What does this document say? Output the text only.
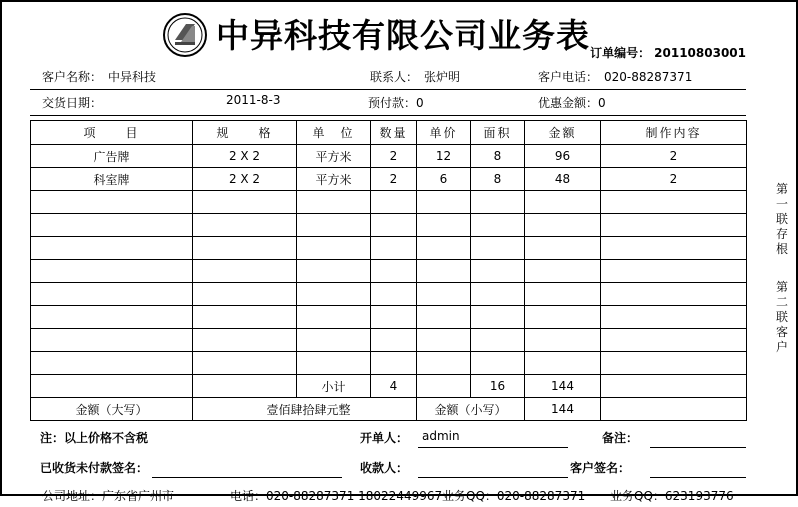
中异科技有限公司业务表 订单编号： 20110803001
客户名称： 中异科技	联系人： 张炉明	客户电话： 020-88287371
交货日期：	2011-8-3	预付款：0	优惠金额：0
项　　目	规　　格	单　位	数量	单价	面积	金额	制作内容
广告牌	2 X 2	平方米	2	12	8	96	2
科室牌	2 X 2	平方米	2	6	8	48	2

		小计	4		16	144	
金额（大写）	壹佰肆拾肆元整			金额（小写）		144	
注：以上价格不含税	开单人： admin	备注：
已收货未付款签名：	收款人：	客户签名：
公司地址：广东省广州市	电话：020-88287371 18022449967 业务QQ：020-88287371 业务QQ：623193776
第
一
联
存
根
第
二
联
客
户
